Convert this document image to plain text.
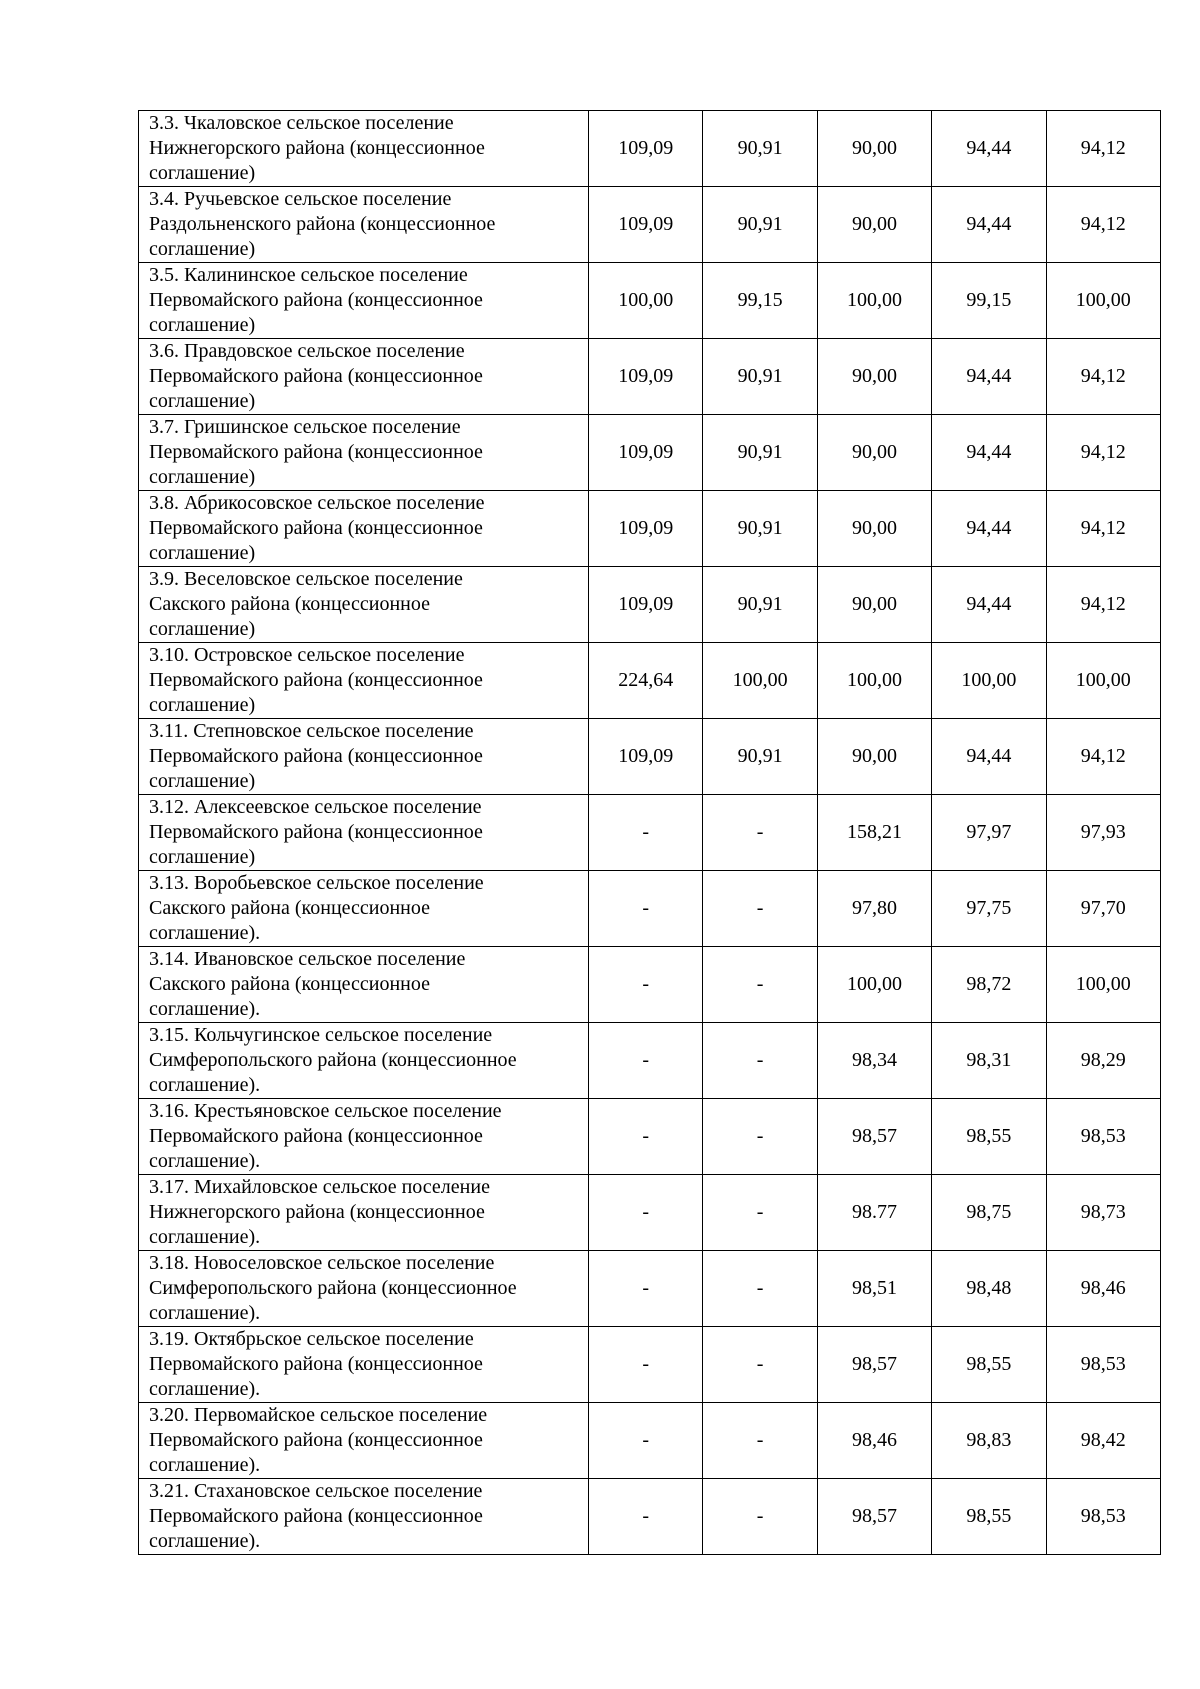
3.3. Чкаловское сельское поселение
Нижнегорского района (концессионное
соглашение)	109,09	90,91	90,00	94,44	94,12

3.4. Ручьевское сельское поселение
Раздольненского района (концессионное
соглашение)	109,09	90,91	90,00	94,44	94,12

3.5. Калининское сельское поселение
Первомайского района (концессионное
соглашение)	100,00	99,15	100,00	99,15	100,00

3.6. Правдовское сельское поселение
Первомайского района (концессионное
соглашение)	109,09	90,91	90,00	94,44	94,12

3.7. Гришинское сельское поселение
Первомайского района (концессионное
соглашение)	109,09	90,91	90,00	94,44	94,12

3.8. Абрикосовское сельское поселение
Первомайского района (концессионное
соглашение)	109,09	90,91	90,00	94,44	94,12

3.9. Веселовское сельское поселение
Сакского района (концессионное
соглашение)	109,09	90,91	90,00	94,44	94,12

3.10. Островское сельское поселение
Первомайского района (концессионное
соглашение)	224,64	100,00	100,00	100,00	100,00

3.11. Степновское сельское поселение
Первомайского района (концессионное
соглашение)	109,09	90,91	90,00	94,44	94,12

3.12. Алексеевское сельское поселение
Первомайского района (концессионное
соглашение)	-	-	158,21	97,97	97,93

3.13. Воробьевское сельское поселение
Сакского района (концессионное
соглашение).	-	-	97,80	97,75	97,70

3.14. Ивановское сельское поселение
Сакского района (концессионное
соглашение).	-	-	100,00	98,72	100,00

3.15. Кольчугинское сельское поселение
Симферопольского района (концессионное
соглашение).	-	-	98,34	98,31	98,29

3.16. Крестьяновское сельское поселение
Первомайского района (концессионное
соглашение).	-	-	98,57	98,55	98,53

3.17. Михайловское сельское поселение
Нижнегорского района (концессионное
соглашение).	-	-	98.77	98,75	98,73

3.18. Новоселовское сельское поселение
Симферопольского района (концессионное
соглашение).	-	-	98,51	98,48	98,46

3.19. Октябрьское сельское поселение
Первомайского района (концессионное
соглашение).	-	-	98,57	98,55	98,53

3.20. Первомайское сельское поселение
Первомайского района (концессионное
соглашение).	-	-	98,46	98,83	98,42

3.21. Стахановское сельское поселение
Первомайского района (концессионное
соглашение).	-	-	98,57	98,55	98,53
